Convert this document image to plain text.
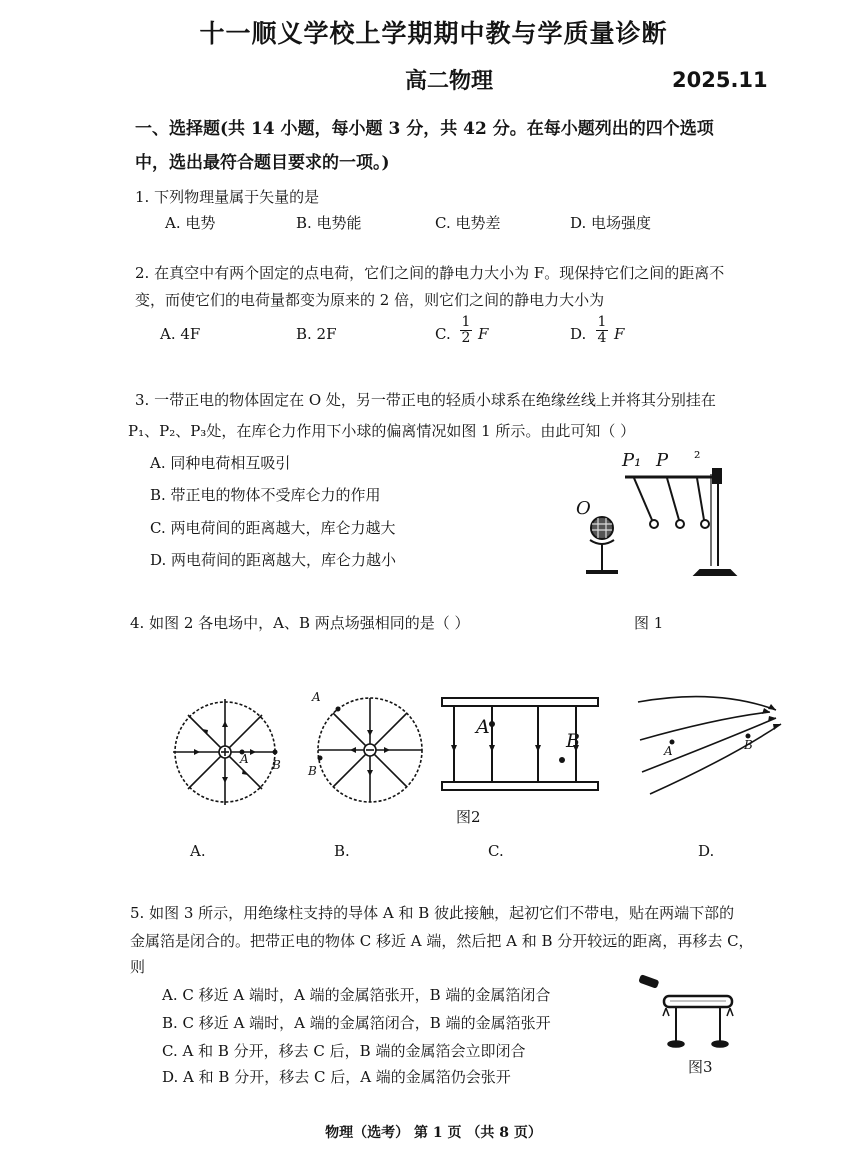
十一顺义学校上学期期中教与学质量诊断
高二物理	2025.11
一、选择题(共 14 小题，每小题 3 分，共 42 分。在每小题列出的四个选项
中，选出最符合题目要求的一项。)
1. 下列物理量属于矢量的是
A. 电势	B. 电势能	C. 电势差	D. 电场强度
2. 在真空中有两个固定的点电荷，它们之间的静电力大小为 F。现保持它们之间的距离不
变，而使它们的电荷量都变为原来的 2 倍，则它们之间的静电力大小为
A. 4F	B. 2F	C.
1
2 F	D.
1
4 F
3. 一带正电的物体固定在 O 处，另一带正电的轻质小球系在绝缘丝线上并将其分别挂在
P₁、P₂、P₃处，在库仑力作用下小球的偏离情况如图 1 所示。由此可知（ ）
A. 同种电荷相互吸引
B. 带正电的物体不受库仑力的作用
C. 两电荷间的距离越大，库仑力越大
D. 两电荷间的距离越大，库仑力越小
P₁ P ²
O
图 1
4. 如图 2 各电场中，A、B 两点场强相同的是（ ）
A B
A
B
A
B
图2
A	B
A.	B.	C.	D.
5. 如图 3 所示，用绝缘柱支持的导体 A 和 B 彼此接触，起初它们不带电，贴在两端下部的
金属箔是闭合的。把带正电的物体 C 移近 A 端，然后把 A 和 B 分开较远的距离，再移去 C，
则
A. C 移近 A 端时，A 端的金属箔张开，B 端的金属箔闭合
B. C 移近 A 端时，A 端的金属箔闭合，B 端的金属箔张开
C. A 和 B 分开，移去 C 后，B 端的金属箔会立即闭合
D. A 和 B 分开，移去 C 后，A 端的金属箔仍会张开
图3
物理（选考） 第 1 页 （共 8 页）
